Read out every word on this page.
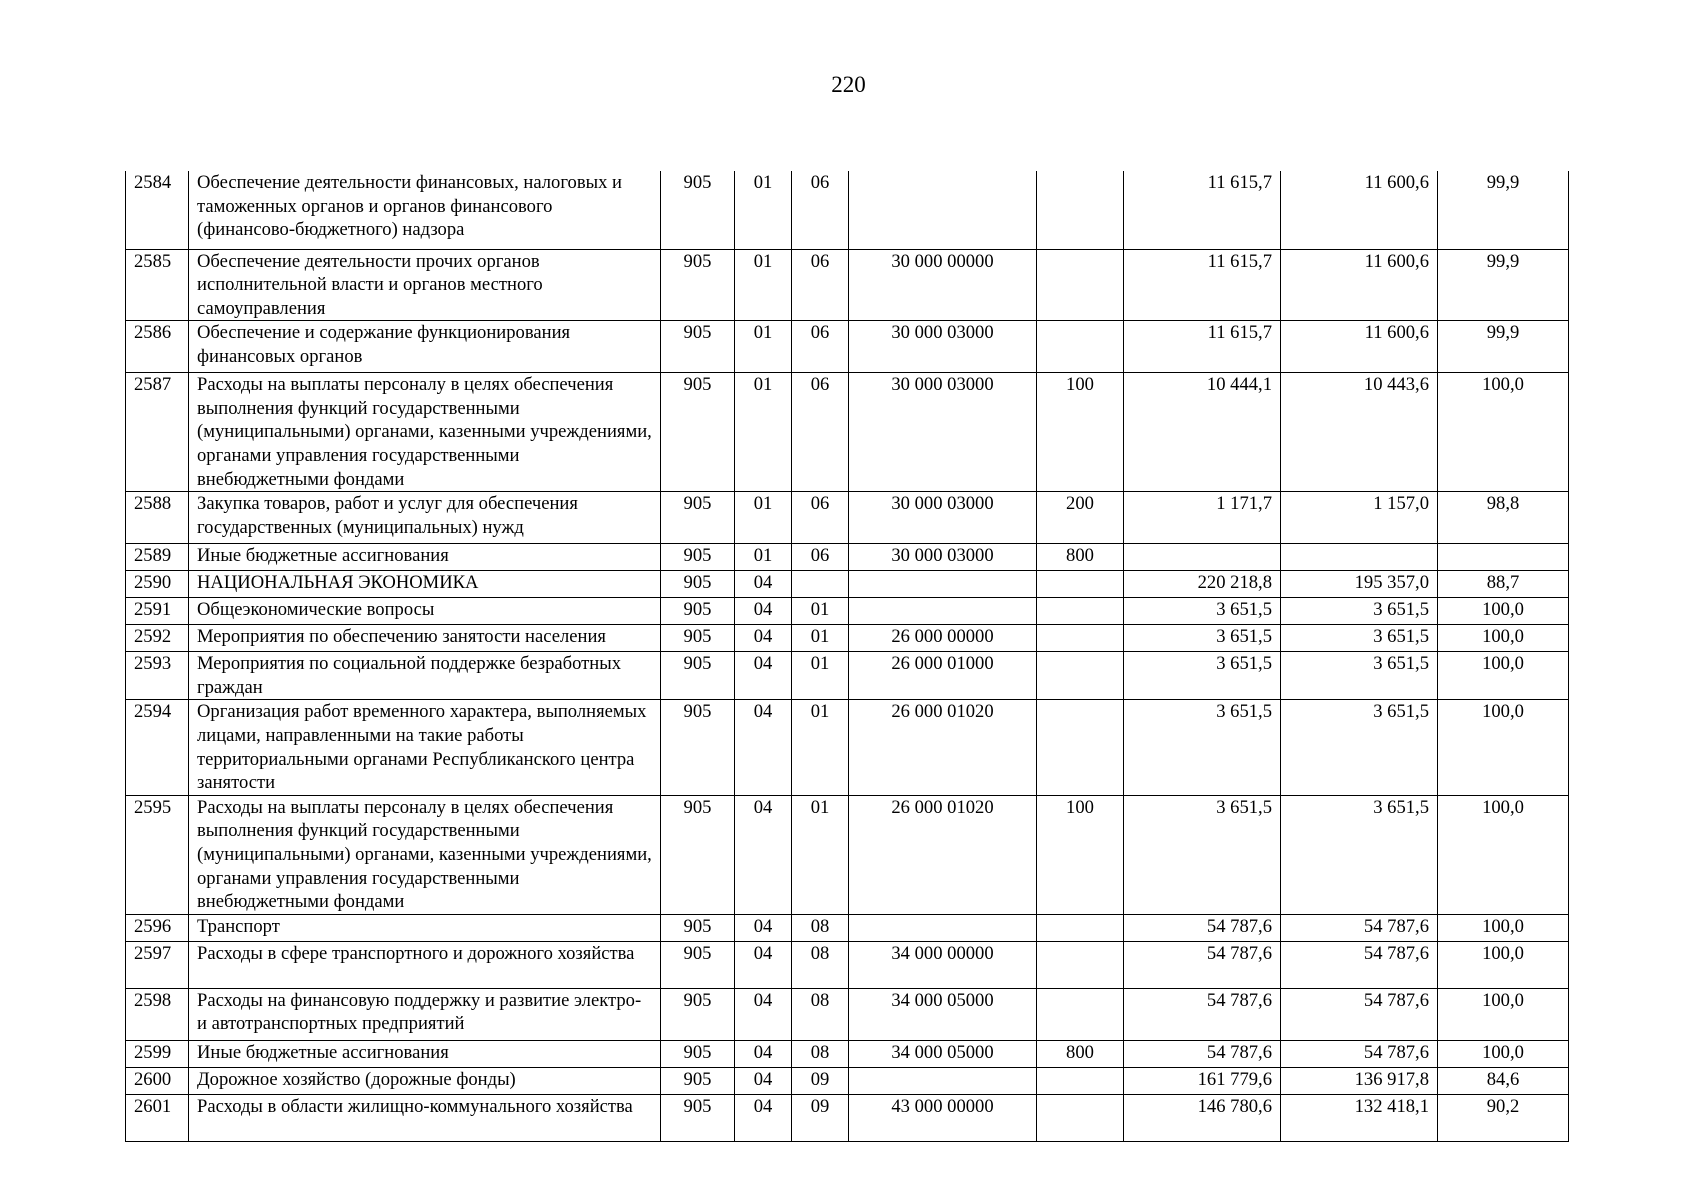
220
2584	Обеспечение деятельности финансовых, налоговых и таможенных органов и органов финансового (финансово-бюджетного) надзора	905	01	06			11 615,7	11 600,6	99,9
2585	Обеспечение деятельности прочих органов исполнительной власти и органов местного самоуправления	905	01	06	30 000 00000		11 615,7	11 600,6	99,9
2586	Обеспечение и содержание функционирования финансовых органов	905	01	06	30 000 03000		11 615,7	11 600,6	99,9
2587	Расходы на выплаты персоналу в целях обеспечения выполнения функций государственными (муниципальными) органами, казенными учреждениями, органами управления государственными внебюджетными фондами	905	01	06	30 000 03000	100	10 444,1	10 443,6	100,0
2588	Закупка товаров, работ и услуг для обеспечения государственных (муниципальных) нужд	905	01	06	30 000 03000	200	1 171,7	1 157,0	98,8
2589	Иные бюджетные ассигнования	905	01	06	30 000 03000	800			
2590	НАЦИОНАЛЬНАЯ ЭКОНОМИКА	905	04				220 218,8	195 357,0	88,7
2591	Общеэкономические вопросы	905	04	01			3 651,5	3 651,5	100,0
2592	Мероприятия по обеспечению занятости населения	905	04	01	26 000 00000		3 651,5	3 651,5	100,0
2593	Мероприятия по социальной поддержке безработных граждан	905	04	01	26 000 01000		3 651,5	3 651,5	100,0
2594	Организация работ временного характера, выполняемых лицами, направленными на такие работы территориальными органами Республиканского центра занятости	905	04	01	26 000 01020		3 651,5	3 651,5	100,0
2595	Расходы на выплаты персоналу в целях обеспечения выполнения функций государственными (муниципальными) органами, казенными учреждениями, органами управления государственными внебюджетными фондами	905	04	01	26 000 01020	100	3 651,5	3 651,5	100,0
2596	Транспорт	905	04	08			54 787,6	54 787,6	100,0
2597	Расходы в сфере транспортного и дорожного хозяйства	905	04	08	34 000 00000		54 787,6	54 787,6	100,0
2598	Расходы на финансовую поддержку и развитие электро- и автотранспортных предприятий	905	04	08	34 000 05000		54 787,6	54 787,6	100,0
2599	Иные бюджетные ассигнования	905	04	08	34 000 05000	800	54 787,6	54 787,6	100,0
2600	Дорожное хозяйство (дорожные фонды)	905	04	09			161 779,6	136 917,8	84,6
2601	Расходы в области жилищно-коммунального хозяйства	905	04	09	43 000 00000		146 780,6	132 418,1	90,2
